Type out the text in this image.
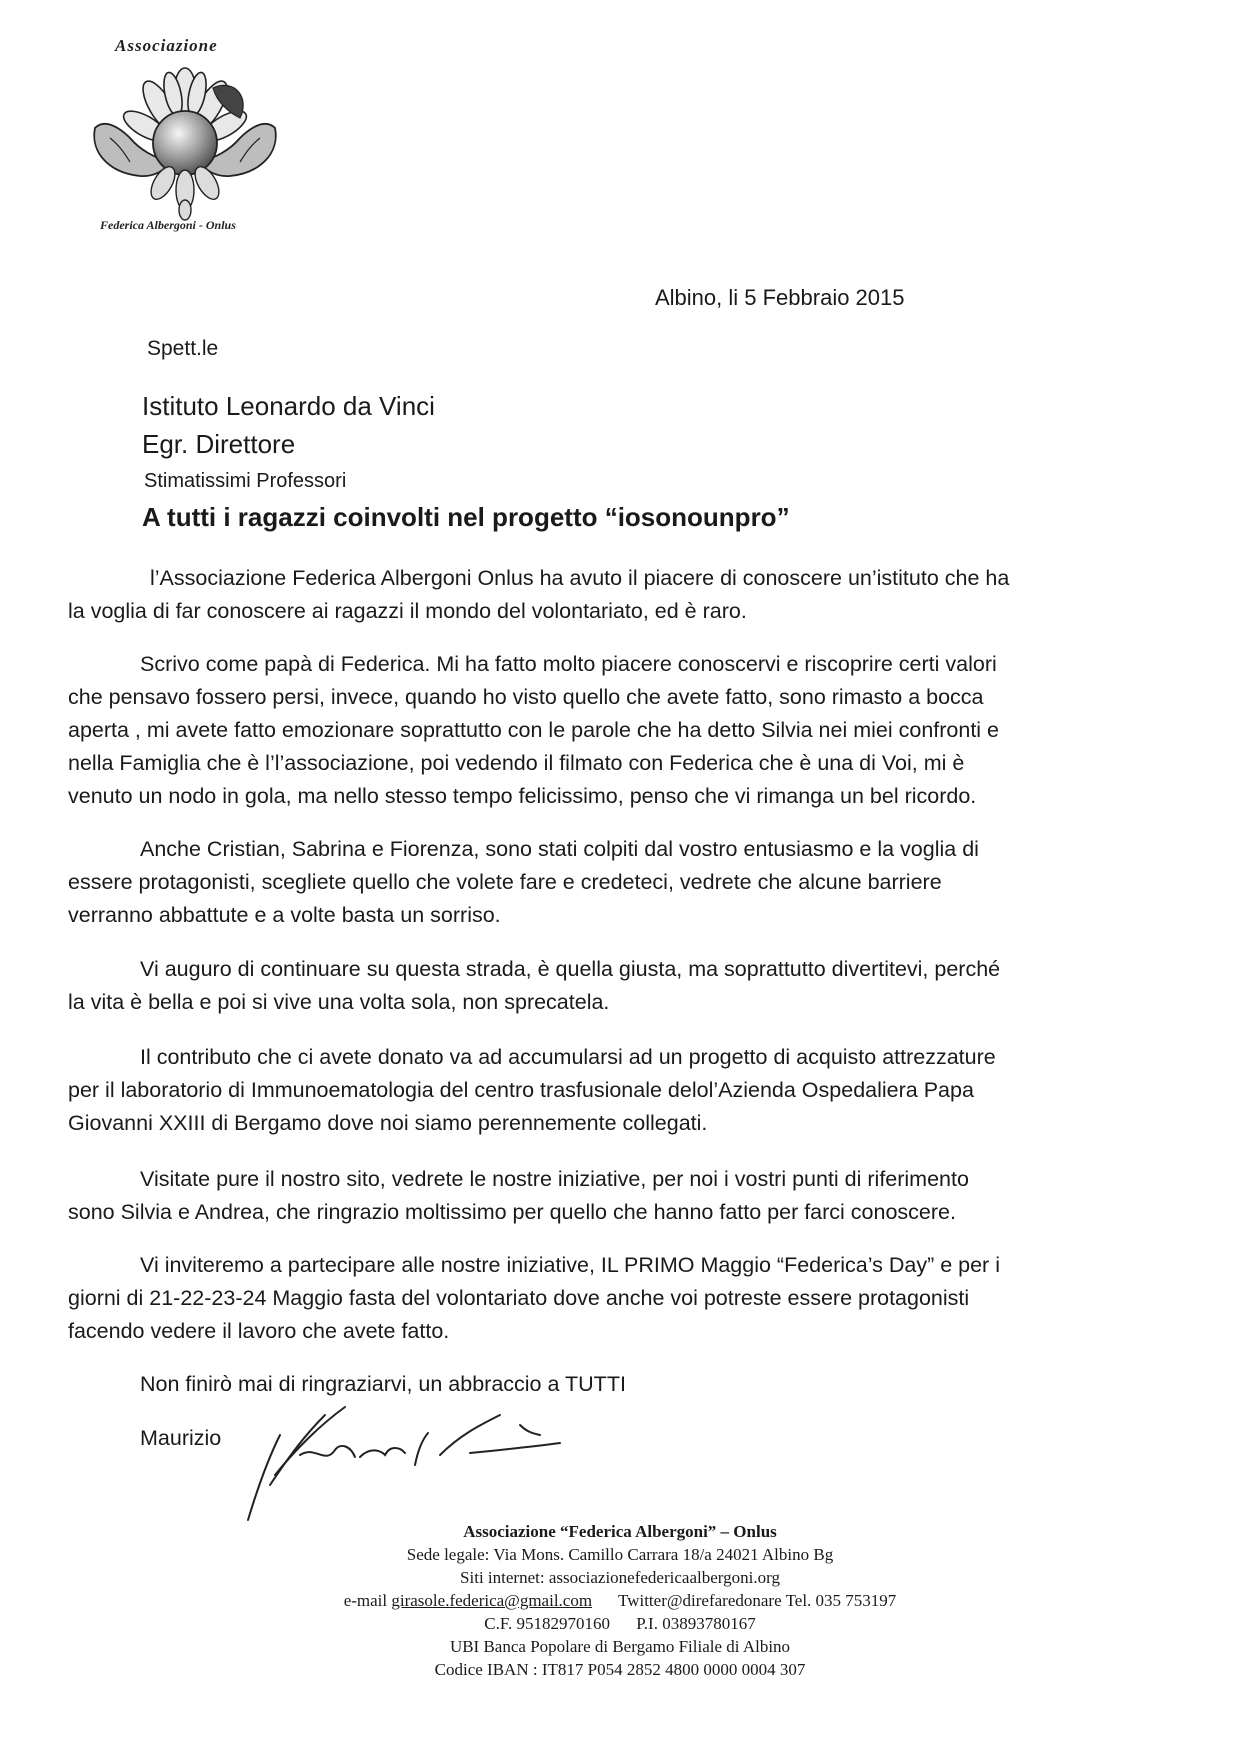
Associazione
Federica Albergoni - Onlus
Albino, li 5 Febbraio 2015
Spett.le
Istituto Leonardo da Vinci
Egr. Direttore
Stimatissimi Professori
A tutti i ragazzi coinvolti nel progetto “iosonounpro”
l’Associazione Federica Albergoni Onlus ha avuto il piacere di conoscere un’istituto che ha
la voglia di far conoscere ai ragazzi il mondo del volontariato, ed è raro.
Scrivo come papà di Federica. Mi ha fatto molto piacere conoscervi e riscoprire certi valori
che pensavo fossero persi, invece, quando ho visto quello che avete fatto, sono rimasto a bocca
aperta , mi avete fatto emozionare soprattutto con le parole che ha detto Silvia nei miei confronti e
nella Famiglia che è l’l’associazione, poi vedendo il filmato con Federica che è una di Voi, mi è
venuto un nodo in gola, ma nello stesso tempo felicissimo, penso che vi rimanga un bel ricordo.
Anche Cristian, Sabrina e Fiorenza, sono stati colpiti dal vostro entusiasmo e la voglia di
essere protagonisti, scegliete quello che volete fare e credeteci, vedrete che alcune barriere
verranno abbattute e a volte basta un sorriso.
Vi auguro di continuare su questa strada, è quella giusta, ma soprattutto divertitevi, perché
la vita è bella e poi si vive una volta sola, non sprecatela.
Il contributo che ci avete donato va ad accumularsi ad un progetto di acquisto attrezzature
per il laboratorio di Immunoematologia del centro trasfusionale delol’Azienda Ospedaliera Papa
Giovanni XXIII di Bergamo dove noi siamo perennemente collegati.
Visitate pure il nostro sito, vedrete le nostre iniziative, per noi i vostri punti di riferimento
sono Silvia e Andrea, che ringrazio moltissimo per quello che hanno fatto per farci conoscere.
Vi inviteremo a partecipare alle nostre iniziative, IL PRIMO Maggio “Federica’s Day” e per i
giorni di 21-22-23-24 Maggio fasta del volontariato dove anche voi potreste essere protagonisti
facendo vedere il lavoro che avete fatto.
Non finirò mai di ringraziarvi, un abbraccio a TUTTI
Maurizio
Associazione “Federica Albergoni” – Onlus
Sede legale: Via Mons. Camillo Carrara 18/a 24021 Albino Bg
Siti internet: associazionefedericaalbergoni.org
e-mail girasole.federica@gmail.com Twitter@direfaredonare Tel. 035 753197
C.F. 95182970160 P.I. 03893780167
UBI Banca Popolare di Bergamo Filiale di Albino
Codice IBAN : IT817 P054 2852 4800 0000 0004 307
